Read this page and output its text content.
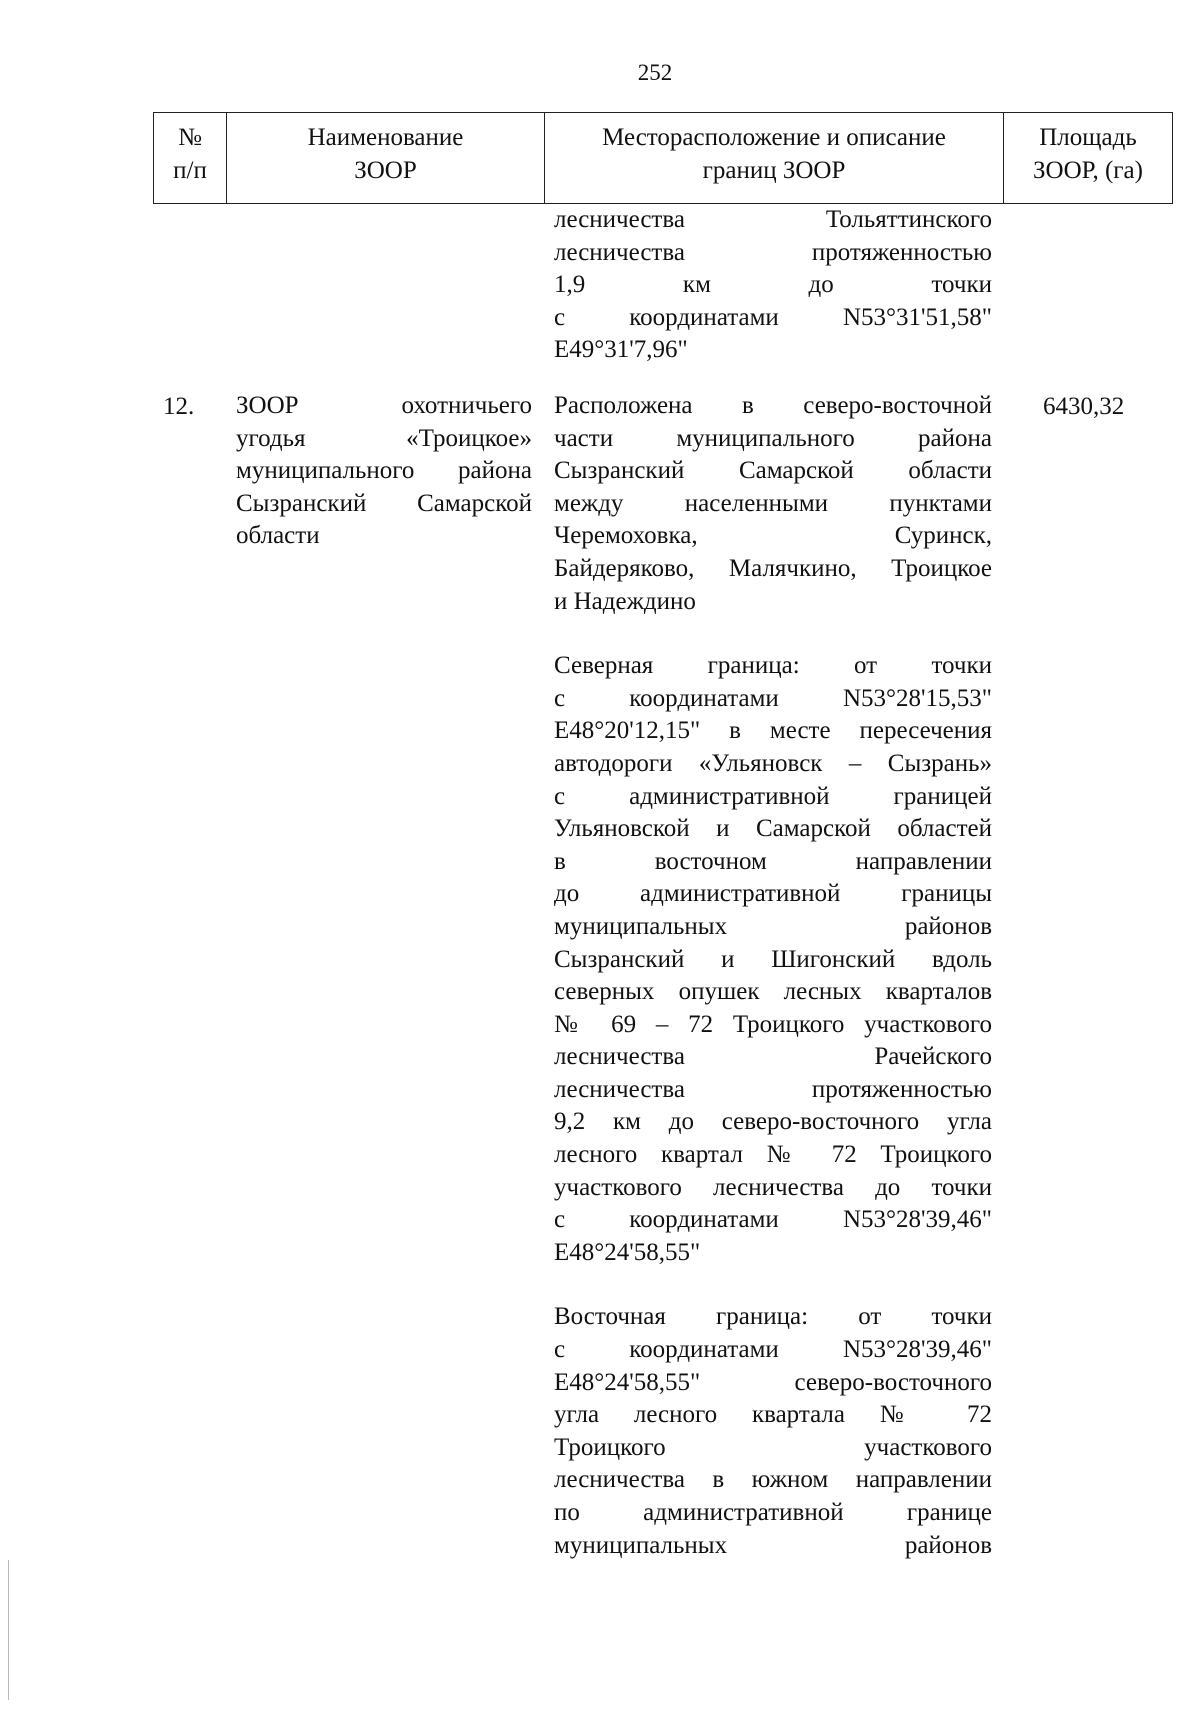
252
№
п/п
Наименование
ЗООР
Месторасположение и описание
границ ЗООР
Площадь
ЗООР, (га)
лесничества Тольяттинского
лесничества протяженностью
1,9 км до точки
с координатами N53°31'51,58"
E49°31'7,96"
12. ЗООР охотничьего
угодья «Троицкое»
муниципального района
Сызранский Самарской
области
Расположена в северо-восточной
части муниципального района
Сызранский Самарской области
между населенными пунктами
Черемоховка, Суринск,
Байдеряково, Малячкино, Троицкое
и Надеждино
Северная граница: от точки
с координатами N53°28'15,53"
E48°20'12,15" в месте пересечения
автодороги «Ульяновск – Сызрань»
с административной границей
Ульяновской и Самарской областей
в восточном направлении
до административной границы
муниципальных районов
Сызранский и Шигонский вдоль
северных опушек лесных кварталов
№ 69 – 72 Троицкого участкового
лесничества Рачейского
лесничества протяженностью
9,2 км до северо-восточного угла
лесного квартал № 72 Троицкого
участкового лесничества до точки
с координатами N53°28'39,46"
E48°24'58,55"
Восточная граница: от точки
с координатами N53°28'39,46"
E48°24'58,55" северо-восточного
угла лесного квартала № 72
Троицкого участкового
лесничества в южном направлении
по административной границе
муниципальных районов
6430,32
